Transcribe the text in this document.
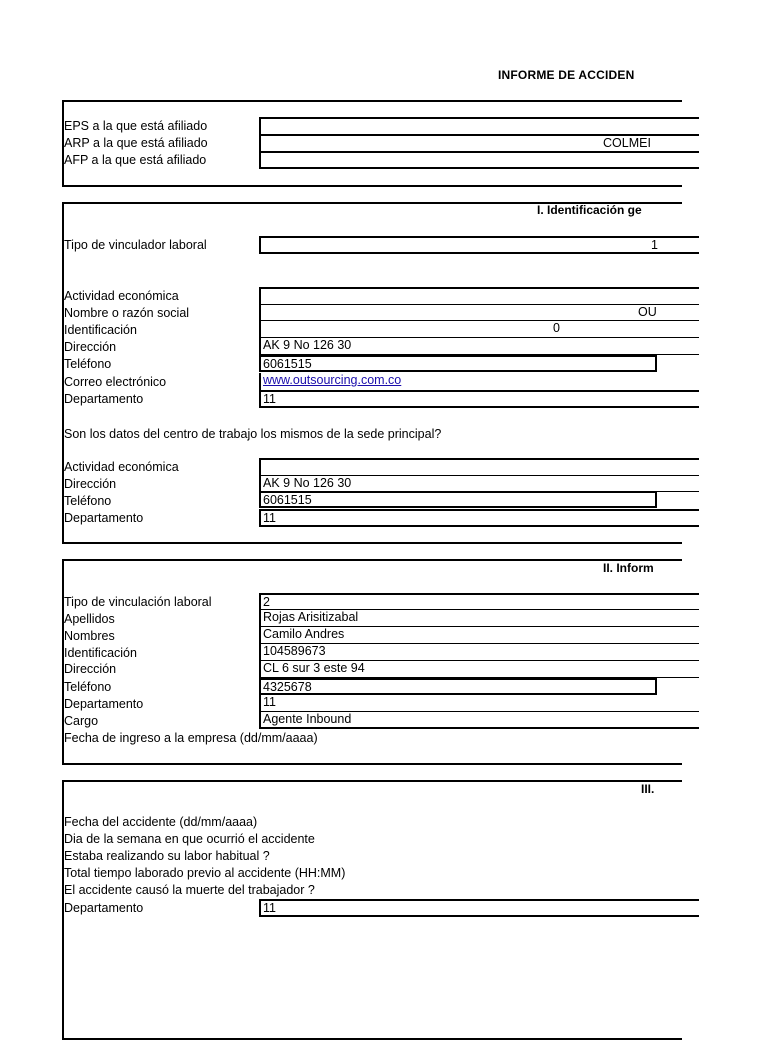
INFORME DE ACCIDEN
EPS a la que está afiliado
ARP a la que está afiliado
AFP a la que está afiliado
COLMEI
I. Identificación ge
Tipo de vinculador laboral	1
Actividad económica
Nombre o razón social
Identificación
Dirección
Teléfono
Correo electrónico
Departamento
OU
0
AK 9 No 126 30
6061515
www.outsourcing.com.co
11
Son los datos del centro de trabajo los mismos de la sede principal?
Actividad económica
Dirección
Teléfono
Departamento
AK 9 No 126 30
6061515
11
II. Inform
Tipo de vinculación laboral
Apellidos
Nombres
Identificación
Dirección
Teléfono
Departamento
Cargo
Fecha de ingreso a la empresa (dd/mm/aaaa)
2
Rojas Arisitizabal
Camilo Andres
104589673
CL 6 sur 3 este 94
4325678
11
Agente Inbound
III.
Fecha del accidente (dd/mm/aaaa)
Dia de la semana en que ocurrió el accidente
Estaba realizando su labor habitual ?
Total tiempo laborado previo al accidente (HH:MM)
El accidente causó la muerte del trabajador ?
Departamento	11
